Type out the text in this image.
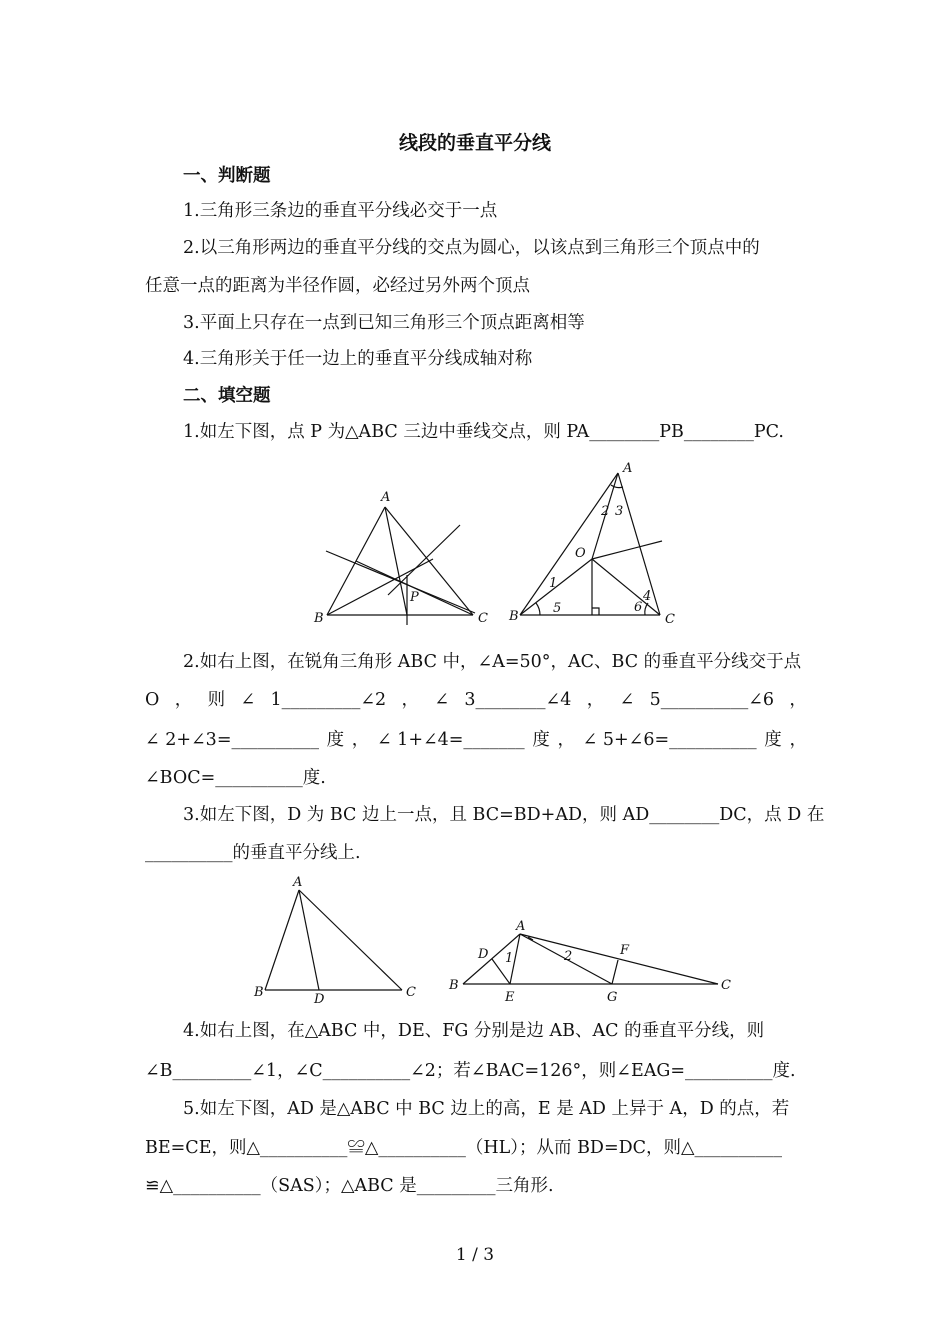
线段的垂直平分线
一、判断题
1.三角形三条边的垂直平分线必交于一点
2.以三角形两边的垂直平分线的交点为圆心，以该点到三角形三个顶点中的
任意一点的距离为半径作圆，必经过另外两个顶点
3.平面上只存在一点到已知三角形三个顶点距离相等
4.三角形关于任一边上的垂直平分线成轴对称
二、填空题
1.如左下图，点 P 为△ABC 三边中垂线交点，则 PA________PB________PC.
A
B	C
P
A
B	C
O
1
2 3
4
5	6
2.如右上图，在锐角三角形 ABC 中，∠A=50°，AC、BC 的垂直平分线交于点
O ， 则 ∠ 1_________∠2 ， ∠ 3________∠4 ， ∠ 5__________∠6 ，
∠ 2+∠3=__________ 度 ， ∠ 1+∠4=_______ 度 ， ∠ 5+∠6=__________ 度 ，
∠BOC=__________度.
3.如左下图，D 为 BC 边上一点，且 BC=BD+AD，则 AD________DC，点 D 在
__________的垂直平分线上.
A
B	C
D
A
B	C
D
E
F
G
1	2
4.如右上图，在△ABC 中，DE、FG 分别是边 AB、AC 的垂直平分线，则
∠B_________∠1，∠C__________∠2；若∠BAC=126°，则∠EAG=__________度.
5.如左下图，AD 是△ABC 中 BC 边上的高，E 是 AD 上异于 A，D 的点，若
BE=CE，则△__________≌△__________（HL）；从而 BD=DC，则△__________
≌△__________（SAS）；△ABC 是_________三角形.
1 / 3
